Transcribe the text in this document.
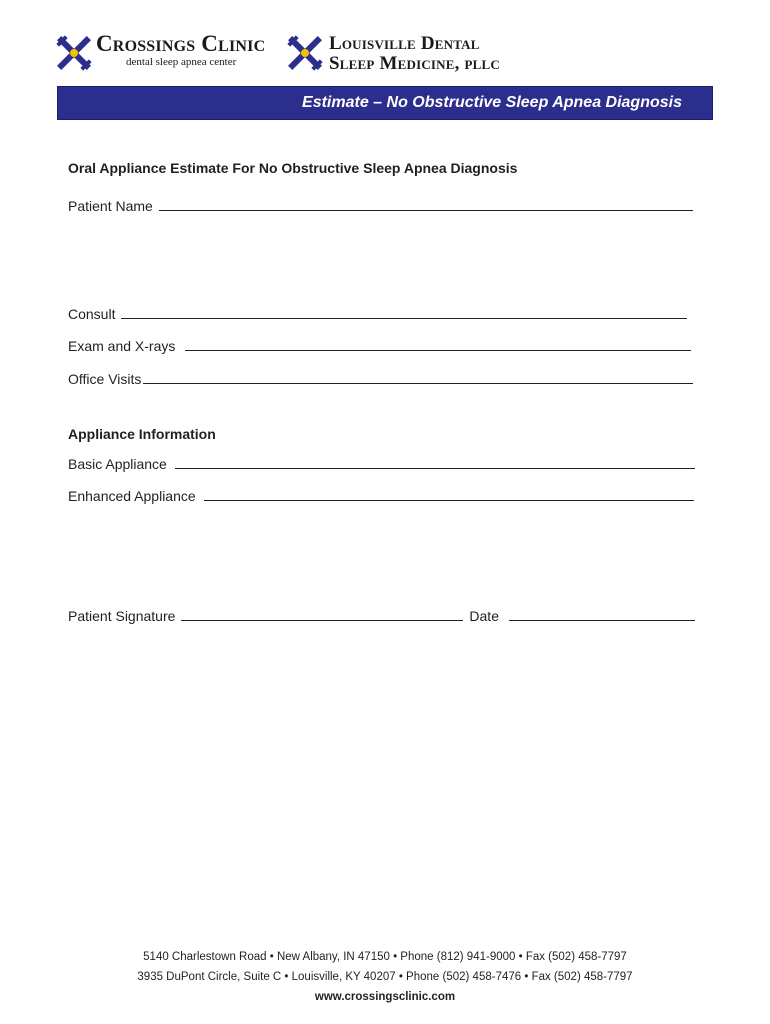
Crossings Clinic
dental sleep apnea center
Louisville Dental
Sleep Medicine, pllc
Estimate – No Obstructive Sleep Apnea Diagnosis
Oral Appliance Estimate For No Obstructive Sleep Apnea Diagnosis
Patient Name
Consult
Exam and X-rays
Office Visits
Appliance Information
Basic Appliance
Enhanced Appliance
Patient Signature	Date
5140 Charlestown Road • New Albany, IN 47150 • Phone (812) 941-9000 • Fax (502) 458-7797
3935 DuPont Circle, Suite C • Louisville, KY 40207 • Phone (502) 458-7476 • Fax (502) 458-7797
www.crossingsclinic.com
